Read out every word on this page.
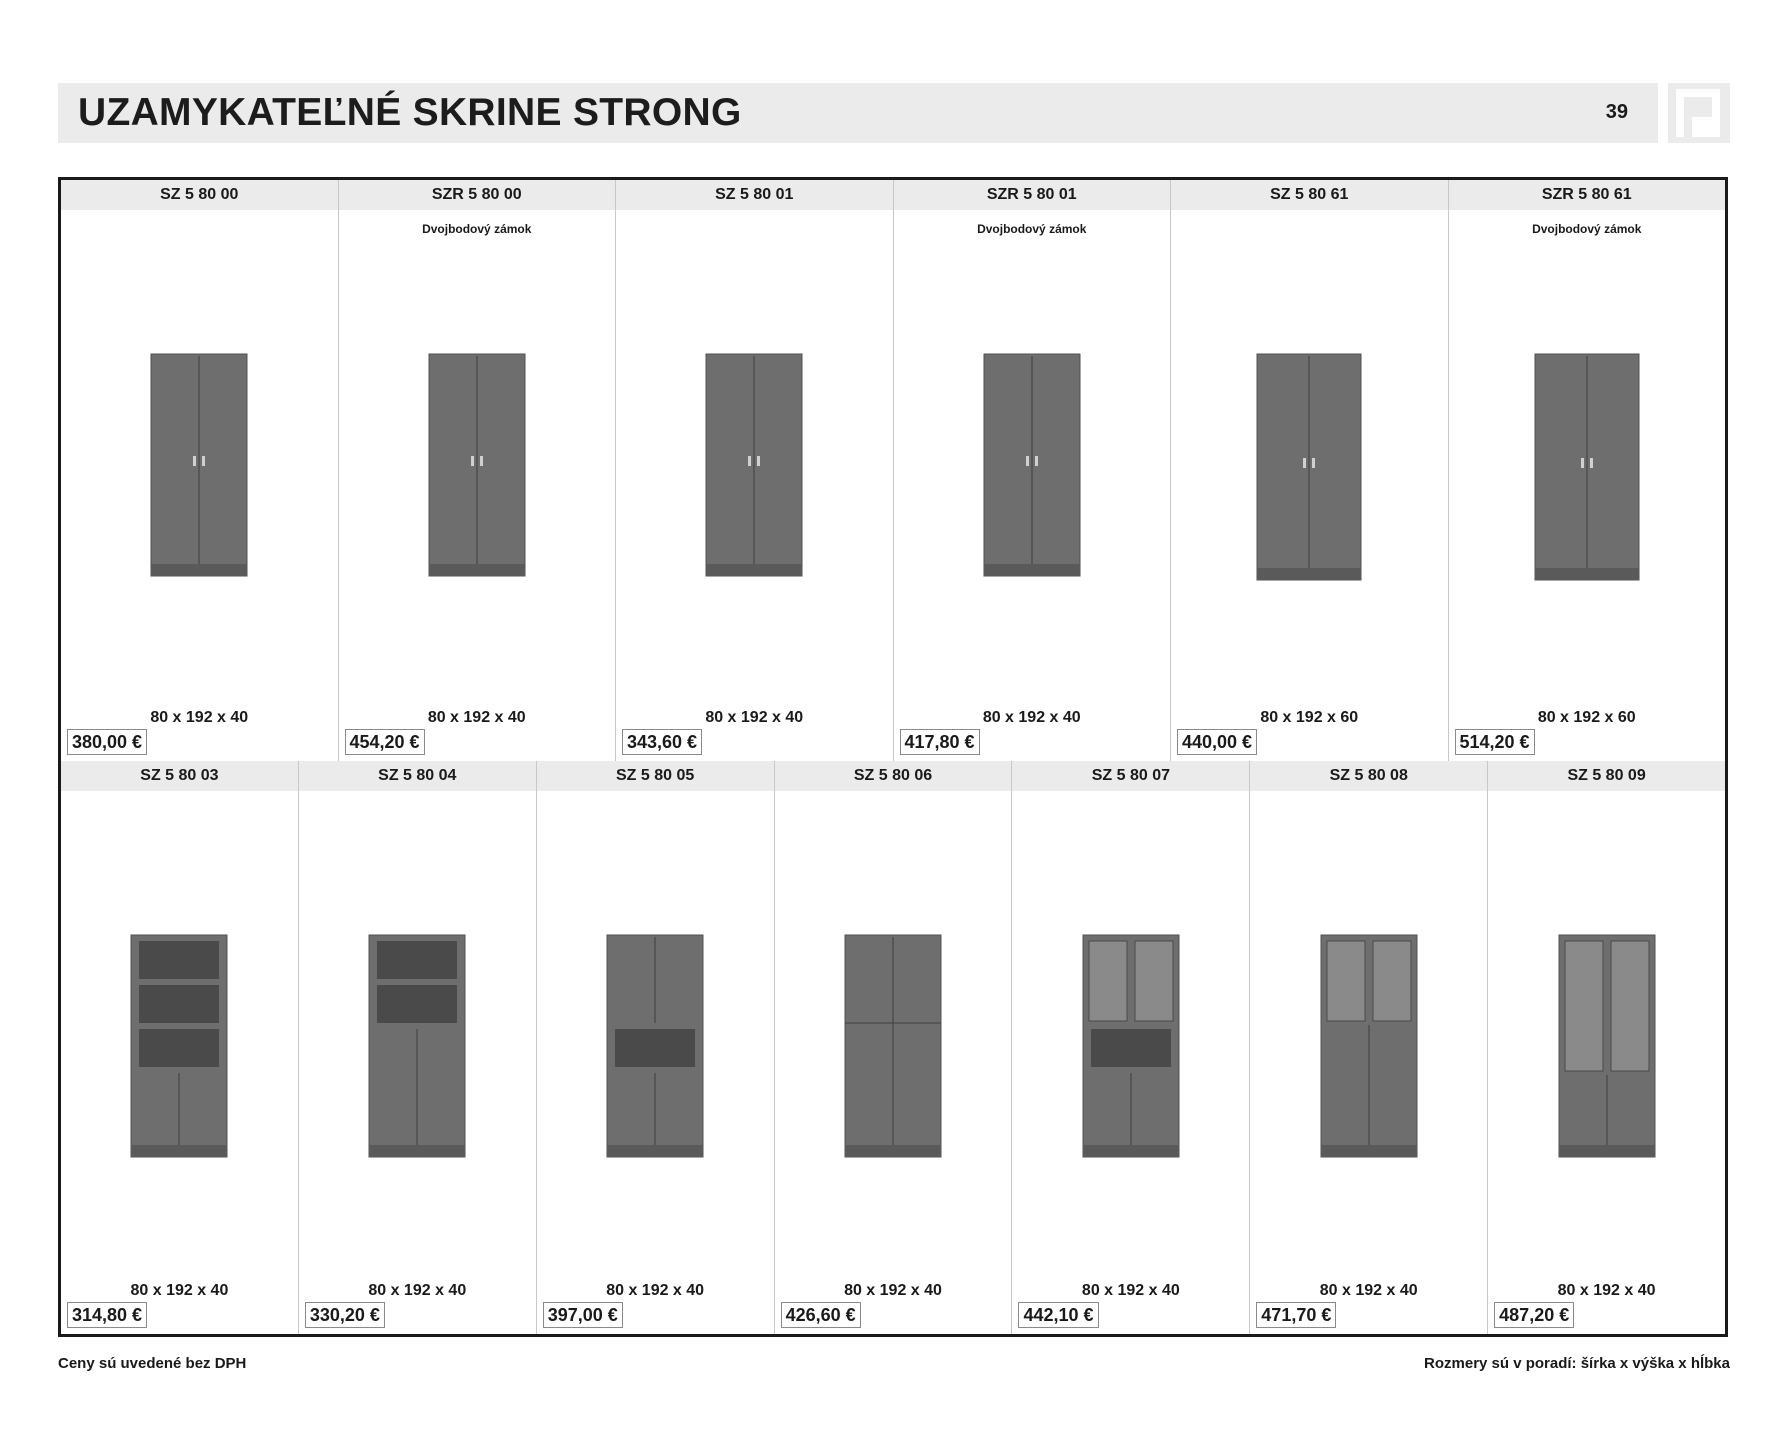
UZAMYKATEĽNÉ SKRINE STRONG	39
SZ 5 80 00
80 x 192 x 40
380,00 €
SZR 5 80 00
Dvojbodový zámok
80 x 192 x 40
454,20 €
SZ 5 80 01
80 x 192 x 40
343,60 €
SZR 5 80 01
Dvojbodový zámok
80 x 192 x 40
417,80 €
SZ 5 80 61
80 x 192 x 60
440,00 €
SZR 5 80 61
Dvojbodový zámok
80 x 192 x 60
514,20 €
SZ 5 80 03
80 x 192 x 40
314,80 €
SZ 5 80 04
80 x 192 x 40
330,20 €
SZ 5 80 05
80 x 192 x 40
397,00 €
SZ 5 80 06
80 x 192 x 40
426,60 €
SZ 5 80 07
80 x 192 x 40
442,10 €
SZ 5 80 08
80 x 192 x 40
471,70 €
SZ 5 80 09
80 x 192 x 40
487,20 €
Ceny sú uvedené bez DPH	Rozmery sú v poradí: šírka x výška x hĺbka
